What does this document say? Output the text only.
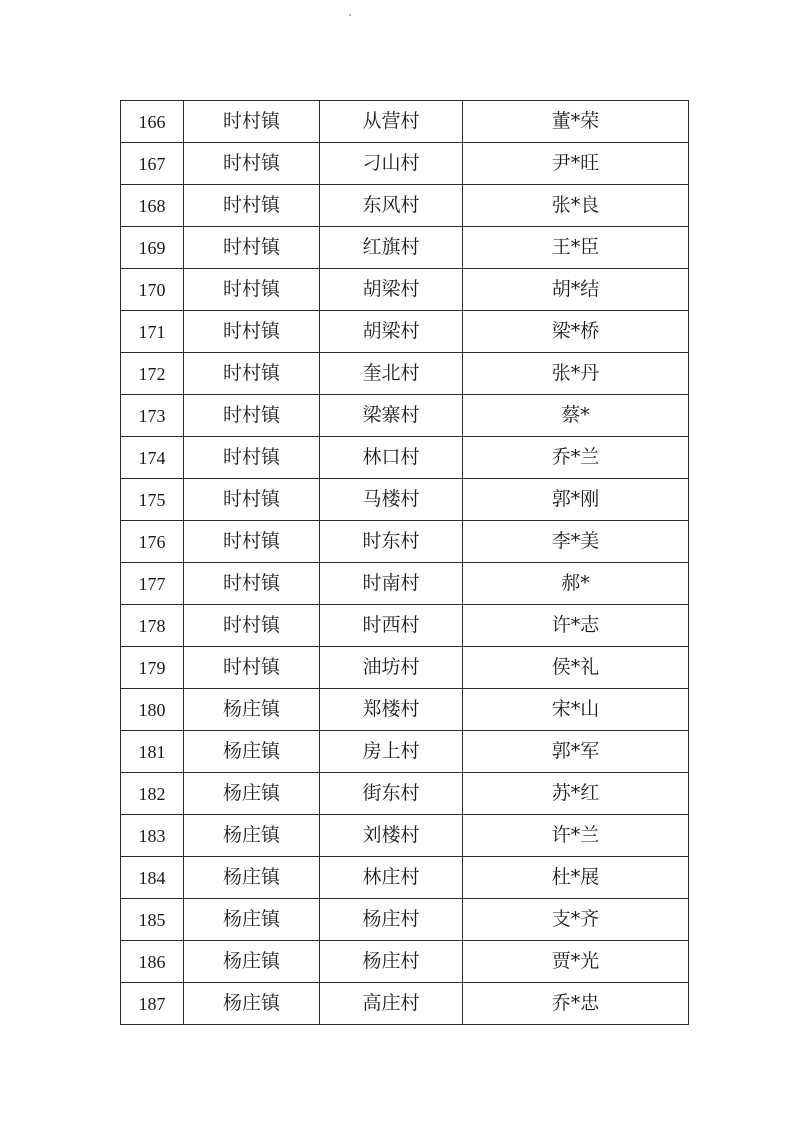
166	时村镇	从营村	董*荣
167	时村镇	刁山村	尹*旺
168	时村镇	东风村	张*良
169	时村镇	红旗村	王*臣
170	时村镇	胡梁村	胡*结
171	时村镇	胡梁村	梁*桥
172	时村镇	奎北村	张*丹
173	时村镇	梁寨村	蔡*
174	时村镇	林口村	乔*兰
175	时村镇	马楼村	郭*刚
176	时村镇	时东村	李*美
177	时村镇	时南村	郝*
178	时村镇	时西村	许*志
179	时村镇	油坊村	侯*礼
180	杨庄镇	郑楼村	宋*山
181	杨庄镇	房上村	郭*军
182	杨庄镇	街东村	苏*红
183	杨庄镇	刘楼村	许*兰
184	杨庄镇	林庄村	杜*展
185	杨庄镇	杨庄村	支*齐
186	杨庄镇	杨庄村	贾*光
187	杨庄镇	高庄村	乔*忠
